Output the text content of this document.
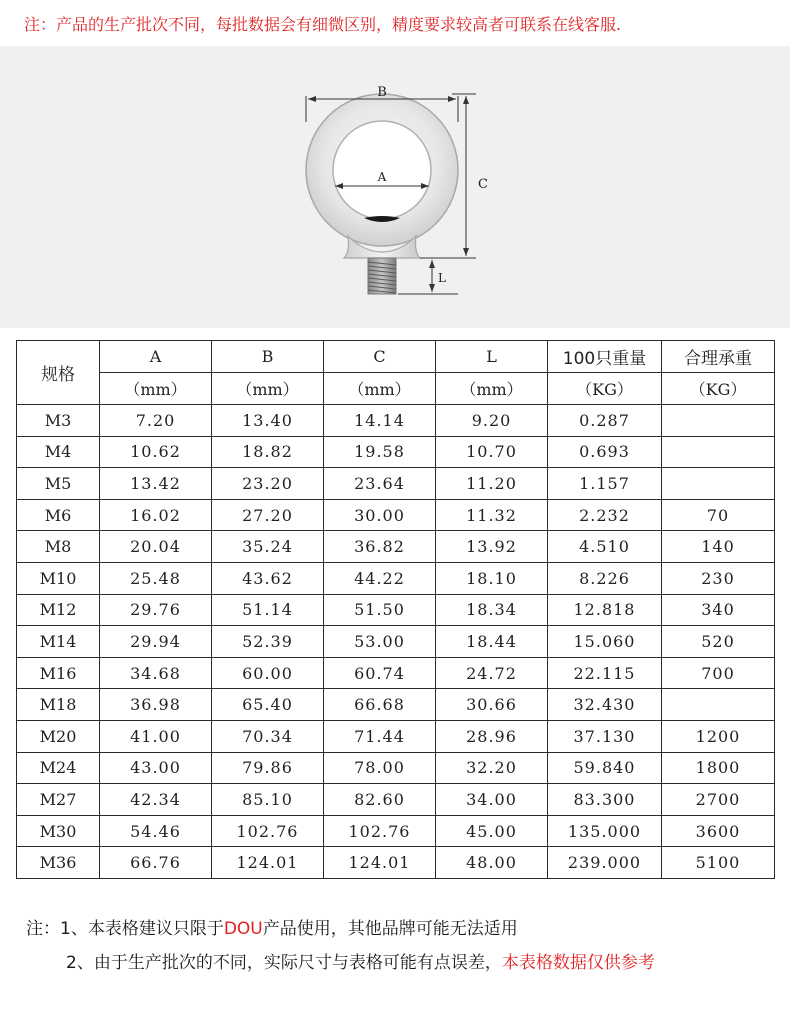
注：产品的生产批次不同，每批数据会有细微区别，精度要求较高者可联系在线客服.
B
A	C
L
规格	A	B	C	L	100只重量	合理承重
	（mm）	（mm）	（mm）	（mm）	（KG）	（KG）
M3	7.20	13.40	14.14	9.20	0.287	
M4	10.62	18.82	19.58	10.70	0.693	
M5	13.42	23.20	23.64	11.20	1.157	
M6	16.02	27.20	30.00	11.32	2.232	70
M8	20.04	35.24	36.82	13.92	4.510	140
M10	25.48	43.62	44.22	18.10	8.226	230
M12	29.76	51.14	51.50	18.34	12.818	340
M14	29.94	52.39	53.00	18.44	15.060	520
M16	34.68	60.00	60.74	24.72	22.115	700
M18	36.98	65.40	66.68	30.66	32.430	
M20	41.00	70.34	71.44	28.96	37.130	1200
M24	43.00	79.86	78.00	32.20	59.840	1800
M27	42.34	85.10	82.60	34.00	83.300	2700
M30	54.46	102.76	102.76	45.00	135.000	3600
M36	66.76	124.01	124.01	48.00	239.000	5100
注：1、本表格建议只限于DOU产品使用，其他品牌可能无法适用
2、由于生产批次的不同，实际尺寸与表格可能有点误差，本表格数据仅供参考
